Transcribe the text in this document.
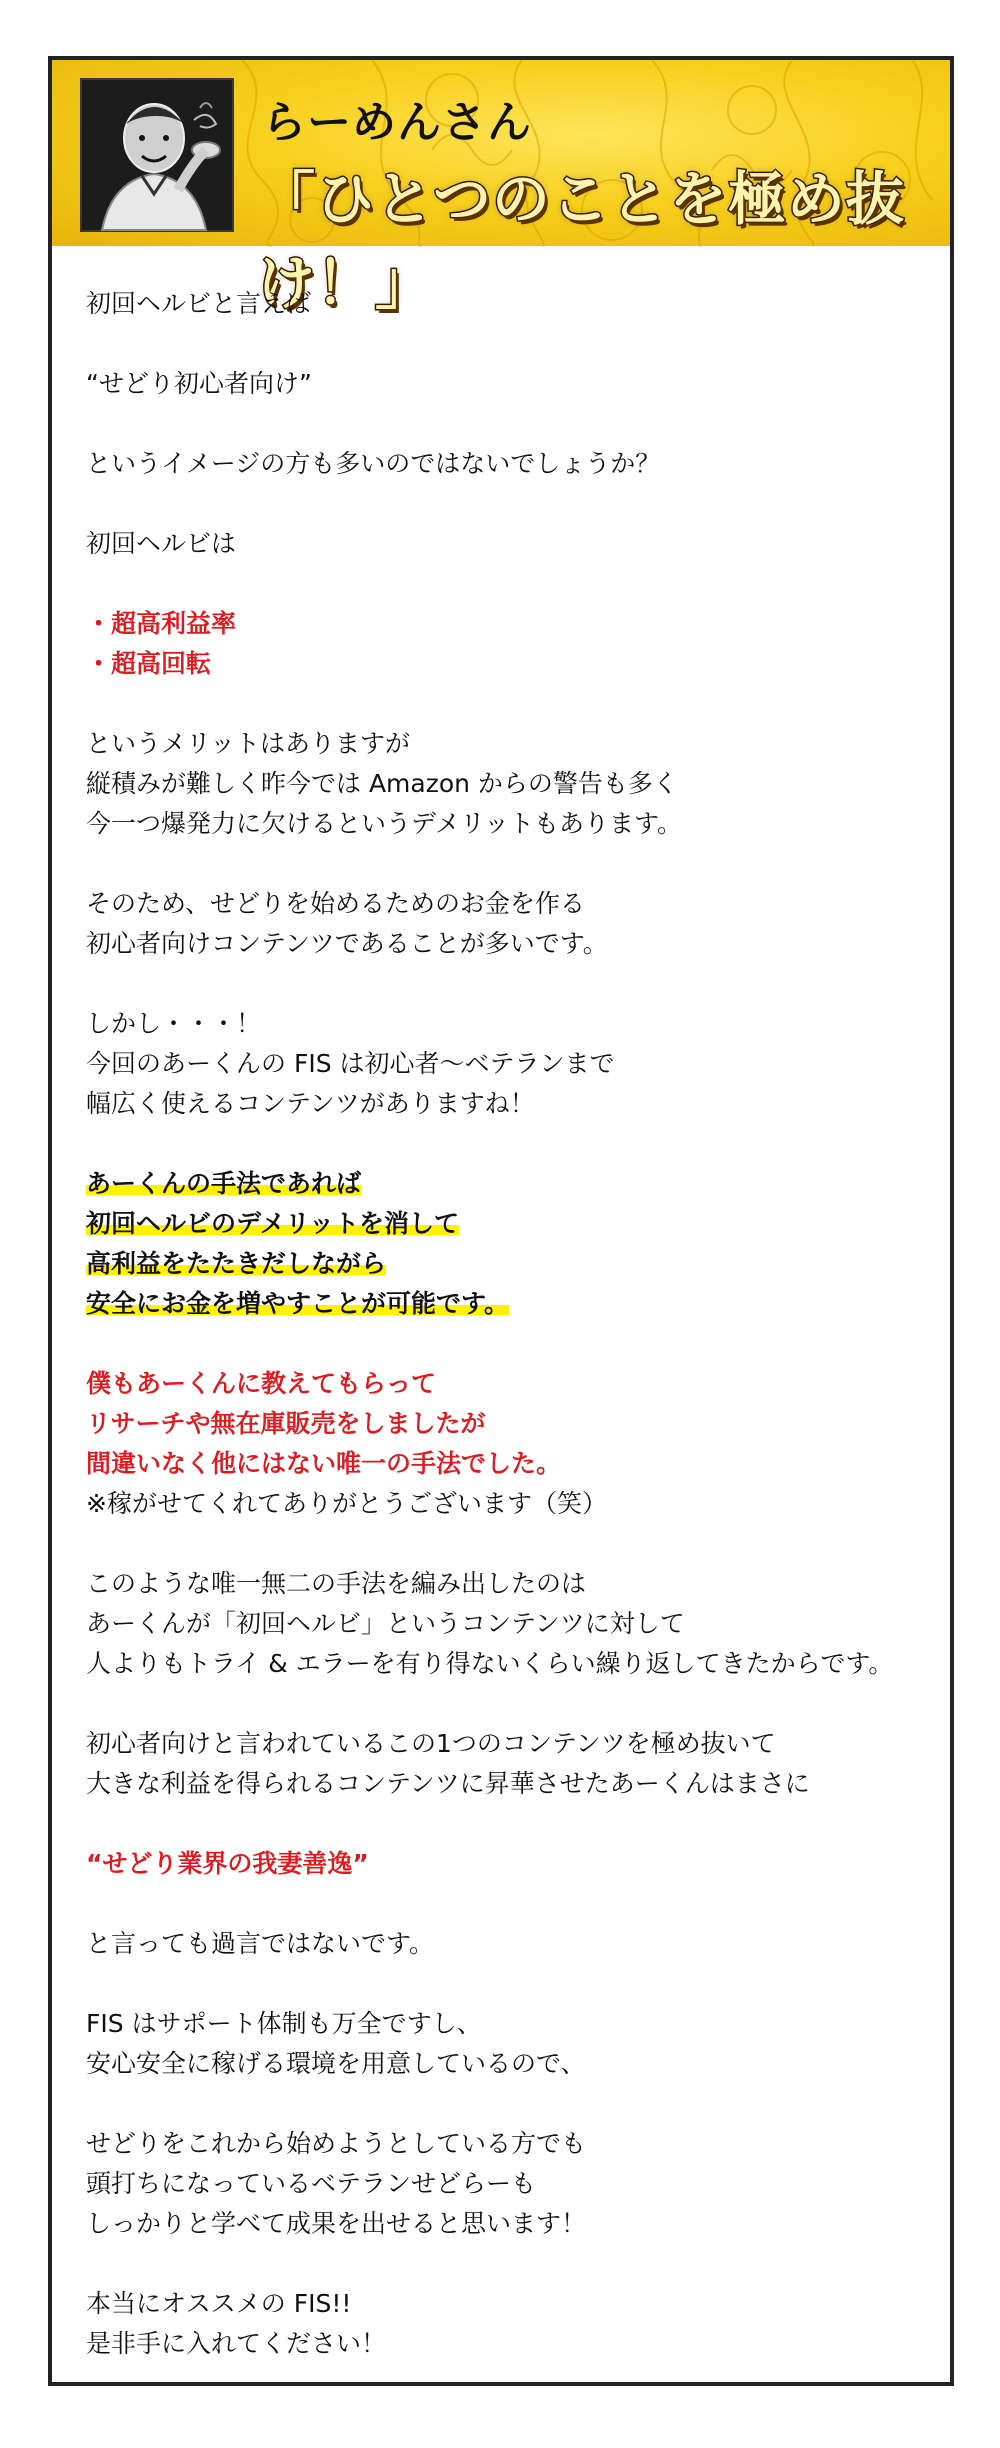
らーめんさん
「ひとつのことを極め抜け！」
初回ヘルビと言えば
“せどり初心者向け”
というイメージの方も多いのではないでしょうか？
初回ヘルビは
・超高利益率
・超高回転
というメリットはありますが
縦積みが難しく昨今では Amazon からの警告も多く
今一つ爆発力に欠けるというデメリットもあります。
そのため、せどりを始めるためのお金を作る
初心者向けコンテンツであることが多いです。
しかし・・・！
今回のあーくんの FIS は初心者〜ベテランまで
幅広く使えるコンテンツがありますね！
あーくんの手法であれば
初回ヘルビのデメリットを消して
高利益をたたきだしながら
安全にお金を増やすことが可能です。
僕もあーくんに教えてもらって
リサーチや無在庫販売をしましたが
間違いなく他にはない唯一の手法でした。
※稼がせてくれてありがとうございます（笑）
このような唯一無二の手法を編み出したのは
あーくんが「初回ヘルビ」というコンテンツに対して
人よりもトライ & エラーを有り得ないくらい繰り返してきたからです。
初心者向けと言われているこの1つのコンテンツを極め抜いて
大きな利益を得られるコンテンツに昇華させたあーくんはまさに
“せどり業界の我妻善逸”
と言っても過言ではないです。
FIS はサポート体制も万全ですし、
安心安全に稼げる環境を用意しているので、
せどりをこれから始めようとしている方でも
頭打ちになっているベテランせどらーも
しっかりと学べて成果を出せると思います！
本当にオススメの FIS!!
是非手に入れてください！
